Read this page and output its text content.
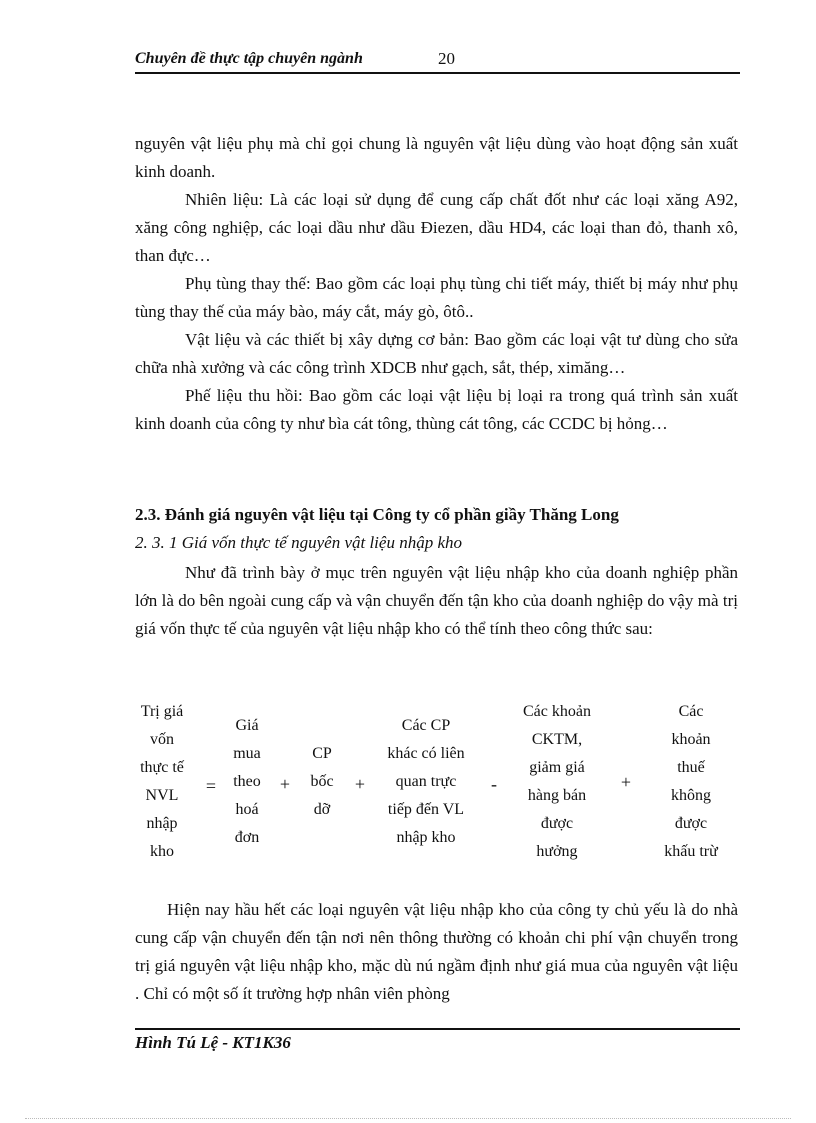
Chuyên đề thực tập chuyên ngành	20

nguyên vật liệu phụ mà chỉ gọi chung là nguyên vật liệu dùng vào hoạt động sản xuất kinh doanh.

Nhiên liệu: Là các loại sử dụng để cung cấp chất đốt như các loại xăng A92, xăng công nghiệp, các loại dầu như dầu Điezen, dầu HD4, các loại than đỏ, thanh xô, than đực…

Phụ tùng thay thế: Bao gồm các loại phụ tùng chi tiết máy, thiết bị máy như phụ tùng thay thế của máy bào, máy cắt, máy gò, ôtô..

Vật liệu và các thiết bị xây dựng cơ bản: Bao gồm các loại vật tư dùng cho sửa chữa nhà xưởng và các công trình XDCB như gạch, sắt, thép, ximăng…

Phế liệu thu hồi: Bao gồm các loại vật liệu bị loại ra trong quá trình sản xuất kinh doanh của công ty như bìa cát tông, thùng cát tông, các CCDC bị hỏng…

2.3. Đánh giá nguyên vật liệu tại Công ty cổ phần giầy Thăng Long
2. 3. 1 Giá vốn thực tế nguyên vật liệu nhập kho

Như đã trình bày ở mục trên nguyên vật liệu nhập kho của doanh nghiệp phần lớn là do bên ngoài cung cấp và vận chuyển đến tận kho của doanh nghiệp do vậy mà trị giá vốn thực tế của nguyên vật liệu nhập kho có thể tính theo công thức sau:

Trị giá
vốn
thực tế
NVL
nhập
kho
=
Giá
mua
theo
hoá
đơn
+
CP
bốc
dỡ
+
Các CP
khác có liên
quan trực
tiếp đến VL
nhập kho
-
Các khoản
CKTM,
giảm giá
hàng bán
được
hưởng
+
Các
khoản
thuế
không
được
khấu trừ

Hiện nay hầu hết các loại nguyên vật liệu nhập kho của công ty chủ yếu là do nhà cung cấp vận chuyển đến tận nơi nên thông thường có khoản chi phí vận chuyển trong trị giá nguyên vật liệu nhập kho, mặc dù nú ngầm định như giá mua của nguyên vật liệu . Chỉ có một số ít trường hợp nhân viên phòng

Hình Tú Lệ - KT1K36
